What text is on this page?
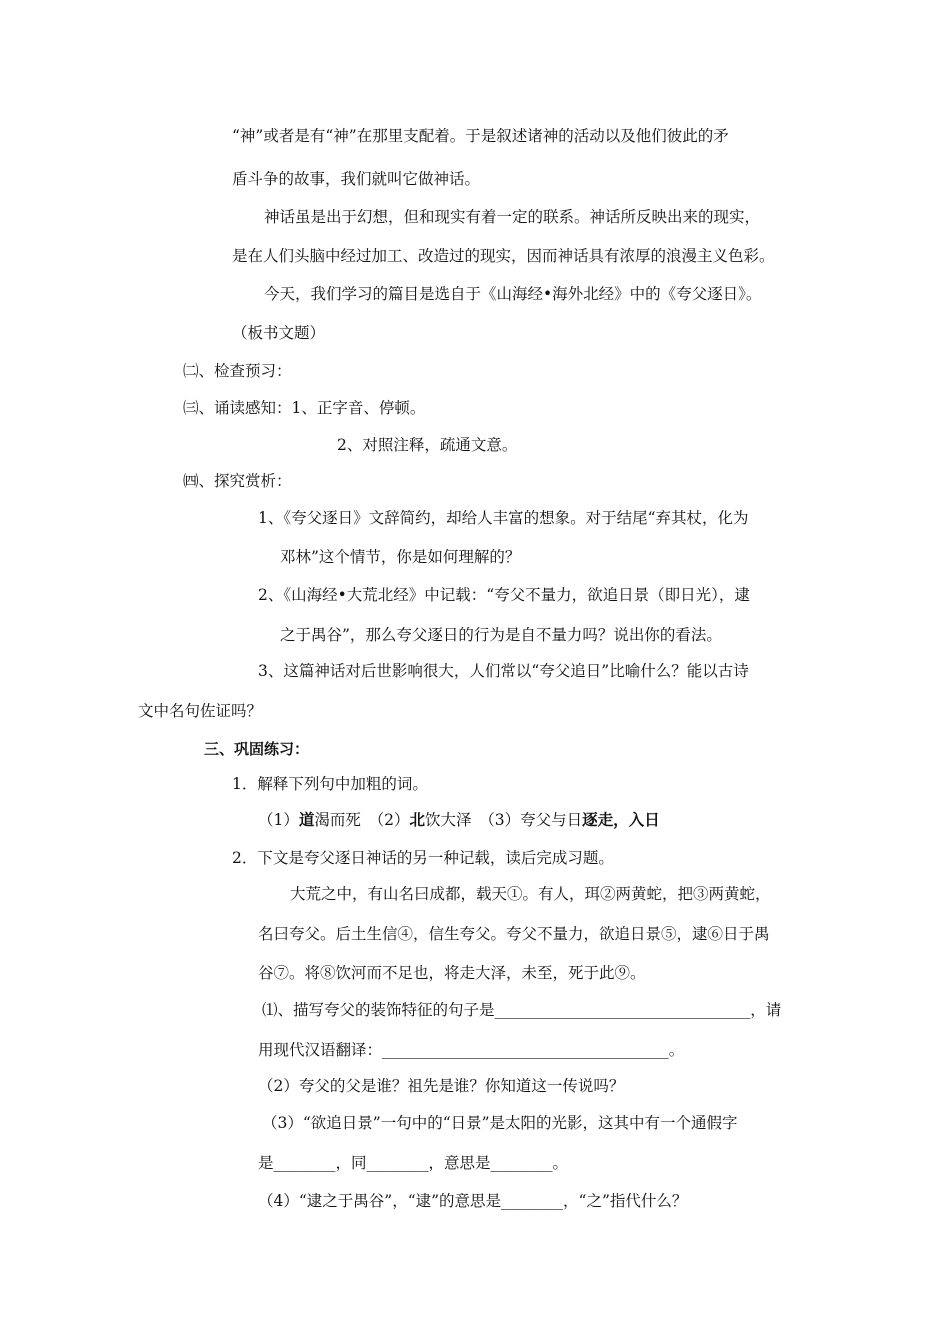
“神”或者是有“神”在那里支配着。于是叙述诸神的活动以及他们彼此的矛
盾斗争的故事，我们就叫它做神话。
神话虽是出于幻想，但和现实有着一定的联系。神话所反映出来的现实，
是在人们头脑中经过加工、改造过的现实，因而神话具有浓厚的浪漫主义色彩。
今天，我们学习的篇目是选自于《山海经•海外北经》中的《夸父逐日》。
（板书文题）
㈡、检查预习：
㈢、诵读感知：1、正字音、停顿。
2、对照注释，疏通文意。
㈣、探究赏析：
1、《夸父逐日》文辞简约，却给人丰富的想象。对于结尾“弃其杖，化为
邓林”这个情节，你是如何理解的？
2、《山海经•大荒北经》中记载：“夸父不量力，欲追日景（即日光），逮
之于禺谷”，那么夸父逐日的行为是自不量力吗？说出你的看法。
3、这篇神话对后世影响很大，人们常以“夸父追日”比喻什么？能以古诗
文中名句佐证吗？
三、巩固练习：
1．解释下列句中加粗的词。
（1）道渴而死　（2）北饮大泽　（3）夸父与日逐走，入日
2．下文是夸父逐日神话的另一种记载，读后完成习题。
大荒之中，有山名曰成都，载天①。有人，珥②两黄蛇，把③两黄蛇，
名曰夸父。后土生信④，信生夸父。夸父不量力，欲追日景⑤，逮⑥日于禺
谷⑦。将⑧饮河而不足也，将走大泽，未至，死于此⑨。
⑴、描写夸父的装饰特征的句子是_________________________________，请
用现代汉语翻译：_____________________________________。
（2）夸父的父是谁？祖先是谁？你知道这一传说吗？
（3）“欲追日景”一句中的“日景”是太阳的光影，这其中有一个通假字
是________，同________，意思是________。
（4）“逮之于禺谷”，“逮”的意思是________，“之”指代什么？
